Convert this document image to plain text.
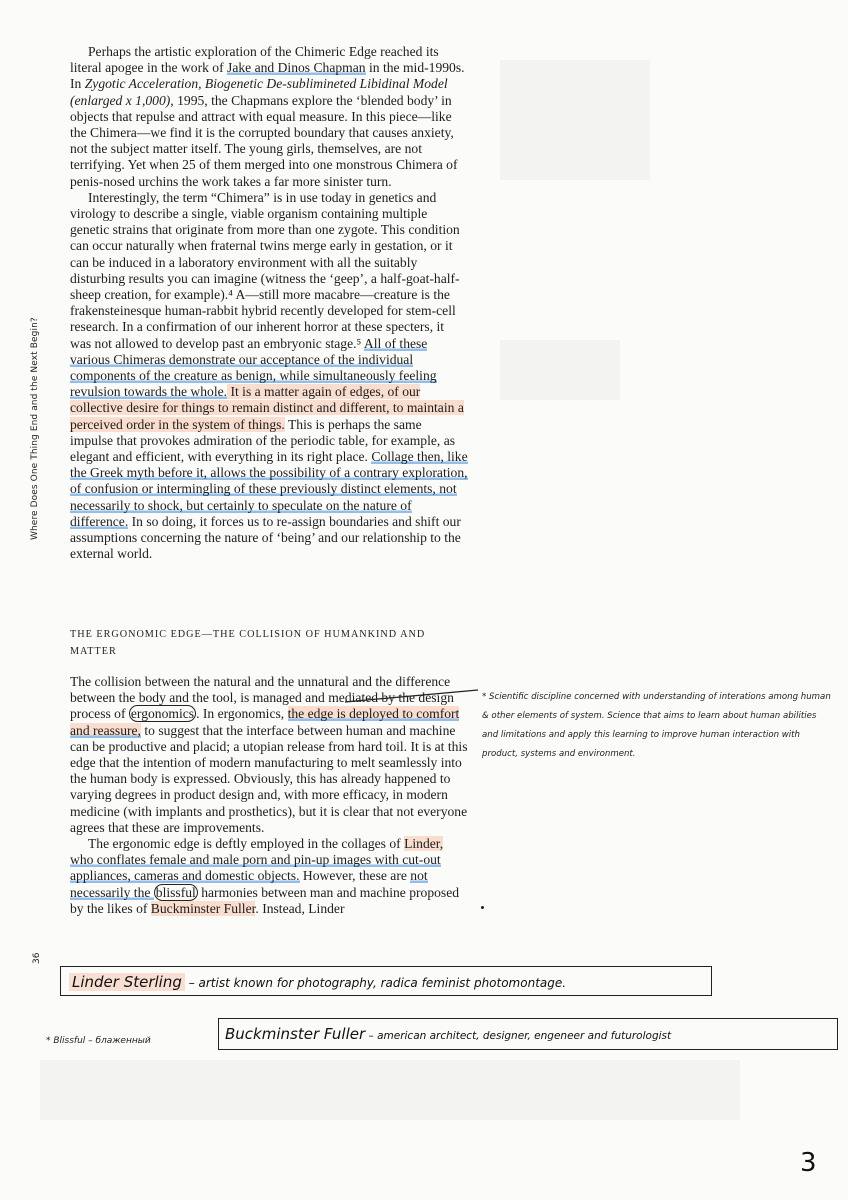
Where Does One Thing End and the Next Begin?

Perhaps the artistic exploration of the Chimeric Edge reached its literal apogee in the work of Jake and Dinos Chapman in the mid-1990s. In Zygotic Acceleration, Biogenetic De-sublimineted Libidinal Model (enlarged x 1,000), 1995, the Chapmans explore the ‘blended body’ in objects that repulse and attract with equal measure. In this piece—like the Chimera—we find it is the corrupted boundary that causes anxiety, not the subject matter itself. The young girls, themselves, are not terrifying. Yet when 25 of them merged into one monstrous Chimera of penis-nosed urchins the work takes a far more sinister turn.

Interestingly, the term “Chimera” is in use today in genetics and virology to describe a single, viable organism containing multiple genetic strains that originate from more than one zygote. This condition can occur naturally when fraternal twins merge early in gestation, or it can be induced in a laboratory environment with all the suitably disturbing results you can imagine (witness the ‘geep’, a half-goat-half-sheep creation, for example).⁴ A—still more macabre—creature is the frakensteinesque human-rabbit hybrid recently developed for stem-cell research. In a confirmation of our inherent horror at these specters, it was not allowed to develop past an embryonic stage.⁵ All of these various Chimeras demonstrate our acceptance of the individual components of the creature as benign, while simultaneously feeling revulsion towards the whole. It is a matter again of edges, of our collective desire for things to remain distinct and different, to maintain a perceived order in the system of things. This is perhaps the same impulse that provokes admiration of the periodic table, for example, as elegant and efficient, with everything in its right place. Collage then, like the Greek myth before it, allows the possibility of a contrary exploration, of confusion or intermingling of these previously distinct elements, not necessarily to shock, but certainly to speculate on the nature of difference. In so doing, it forces us to re-assign boundaries and shift our assumptions concerning the nature of ‘being’ and our relationship to the external world.

THE ERGONOMIC EDGE—THE COLLISION OF HUMANKIND AND MATTER

The collision between the natural and the unnatural and the difference between the body and the tool, is managed and mediated by the design process of ergonomics . In ergonomics, the edge is deployed to comfort and reassure, to suggest that the interface between human and machine can be productive and placid; a utopian release from hard toil. It is at this edge that the intention of modern manufacturing to melt seamlessly into the human body is expressed. Obviously, this has already happened to varying degrees in product design and, with more efficacy, in modern medicine (with implants and prosthetics), but it is clear that not everyone agrees that these are improvements.

The ergonomic edge is deftly employed in the collages of Linder, who conflates female and male porn and pin-up images with cut-out appliances, cameras and domestic objects. However, these are not necessarily the blissful harmonies between man and machine proposed by the likes of Buckminster Fuller. Instead, Linder

* Scientific discipline concerned with understanding of interations among human & other elements of system. Science that aims to learn about human abilities and limitations and apply this learning to improve human interaction with product, systems and environment.
36
Linder Sterling – artist known for photography, radica feminist photomontage.
* Blissful – блаженный	Buckminster Fuller – american architect, designer, engeneer and futurologist
3
